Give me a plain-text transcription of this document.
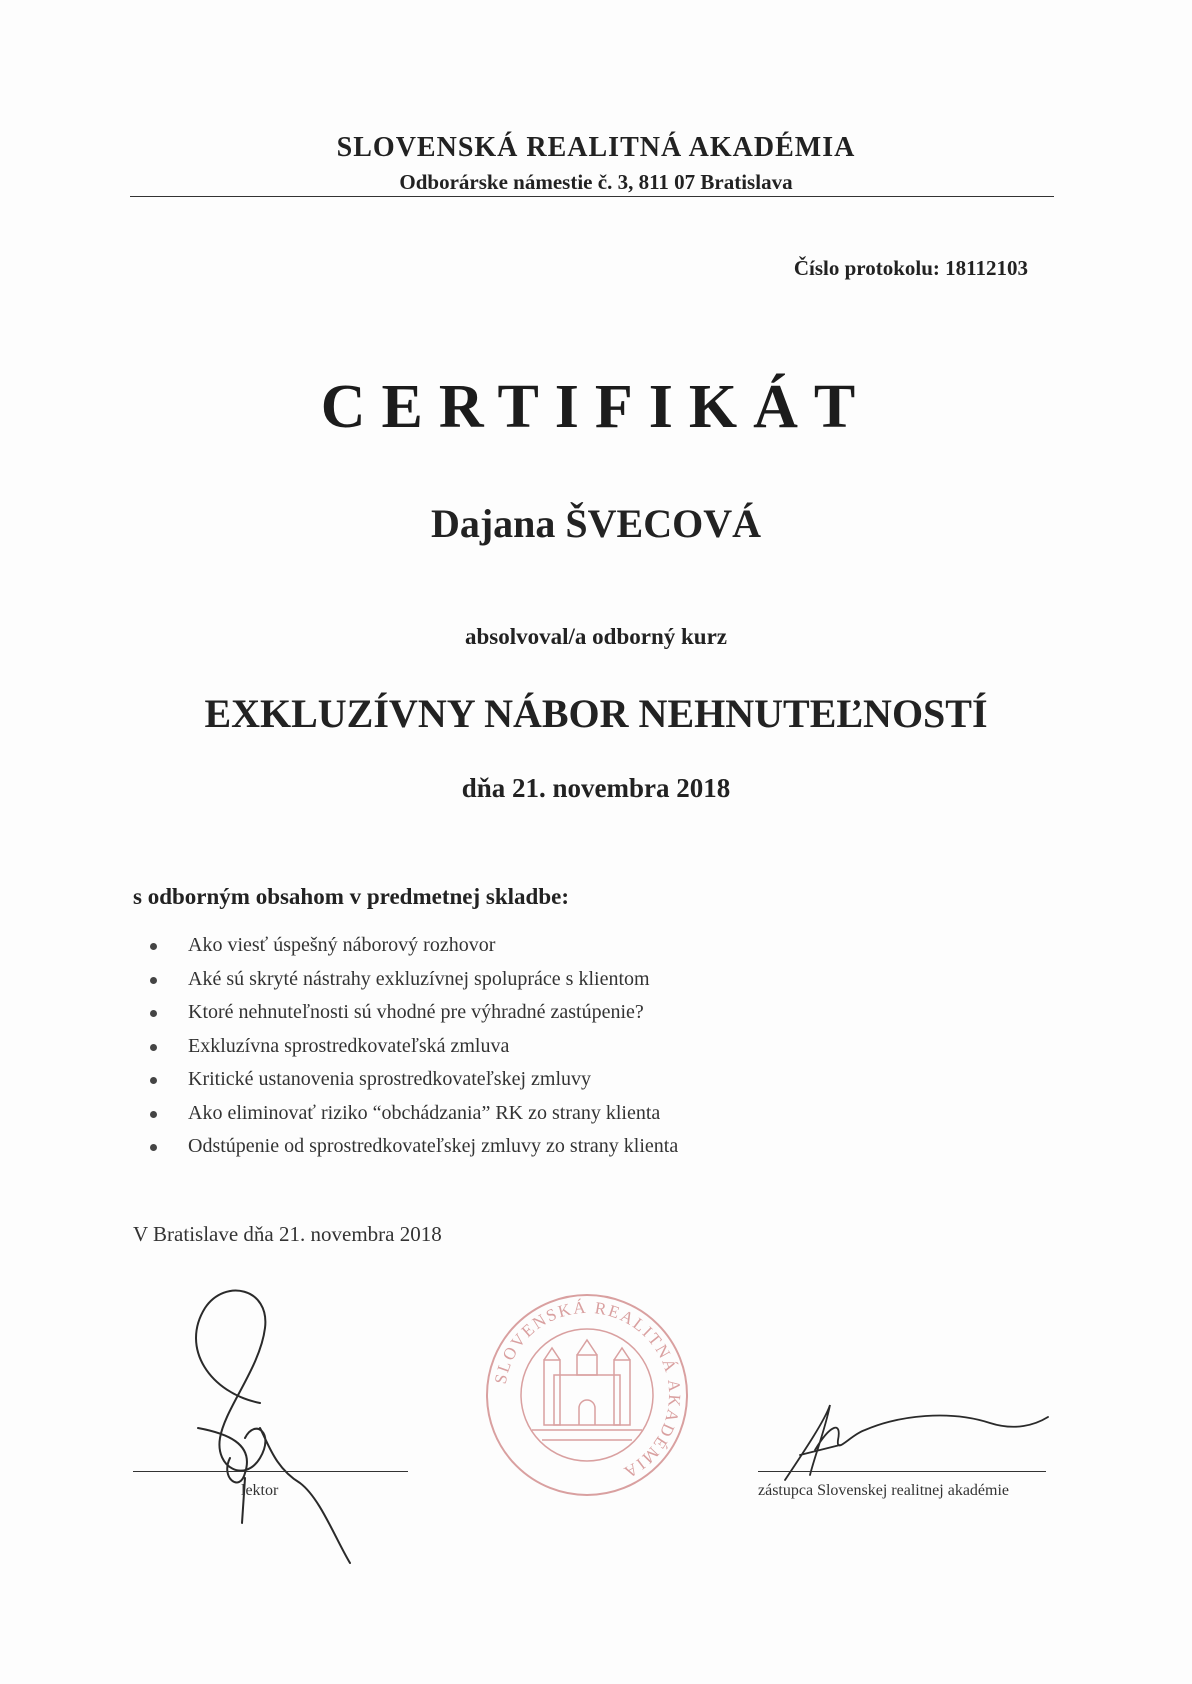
SLOVENSKÁ REALITNÁ AKADÉMIA
Odborárske námestie č. 3, 811 07 Bratislava
Číslo protokolu: 18112103
CERTIFIKÁT
Dajana ŠVECOVÁ
absolvoval/a odborný kurz
EXKLUZÍVNY NÁBOR NEHNUTEĽNOSTÍ
dňa 21. novembra 2018
s odborným obsahom v predmetnej skladbe:
Ako viesť úspešný náborový rozhovor
Aké sú skryté nástrahy exkluzívnej spolupráce s klientom
Ktoré nehnuteľnosti sú vhodné pre výhradné zastúpenie?
Exkluzívna sprostredkovateľská zmluva
Kritické ustanovenia sprostredkovateľskej zmluvy
Ako eliminovať riziko “obchádzania” RK zo strany klienta
Odstúpenie od sprostredkovateľskej zmluvy zo strany klienta
V Bratislave dňa 21. novembra 2018
SLOVENSKÁ REALITNÁ AKADÉMIA
lektor	zástupca Slovenskej realitnej akadémie
